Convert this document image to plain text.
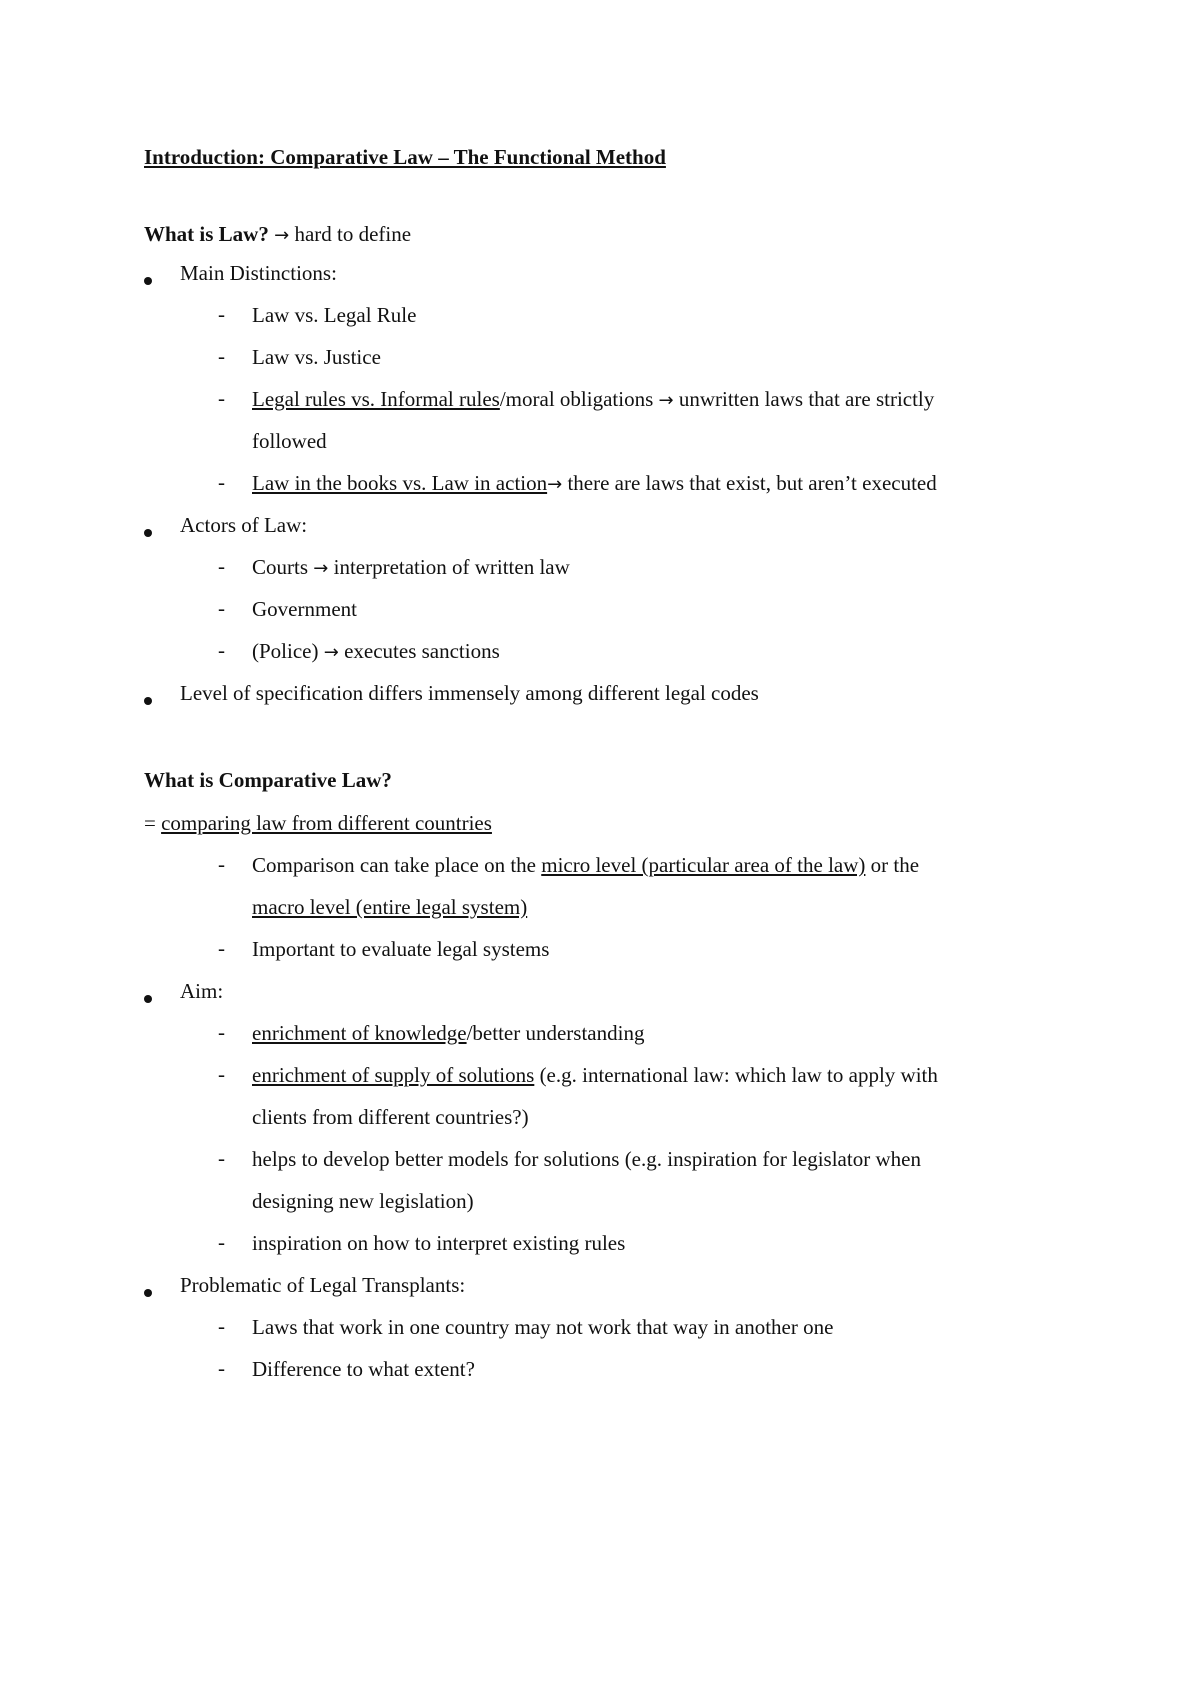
Introduction: Comparative Law – The Functional Method
What is Law? → hard to define
Main Distinctions:
- Law vs. Legal Rule
- Law vs. Justice
- Legal rules vs. Informal rules/moral obligations → unwritten laws that are strictly
followed
- Law in the books vs. Law in action→ there are laws that exist, but aren’t executed
Actors of Law:
- Courts → interpretation of written law
- Government
- (Police) → executes sanctions
Level of specification differs immensely among different legal codes
What is Comparative Law?
= comparing law from different countries
- Comparison can take place on the micro level (particular area of the law) or the
macro level (entire legal system)
- Important to evaluate legal systems
Aim:
- enrichment of knowledge/better understanding
- enrichment of supply of solutions (e.g. international law: which law to apply with
clients from different countries?)
- helps to develop better models for solutions (e.g. inspiration for legislator when
designing new legislation)
- inspiration on how to interpret existing rules
Problematic of Legal Transplants:
- Laws that work in one country may not work that way in another one
- Difference to what extent?
